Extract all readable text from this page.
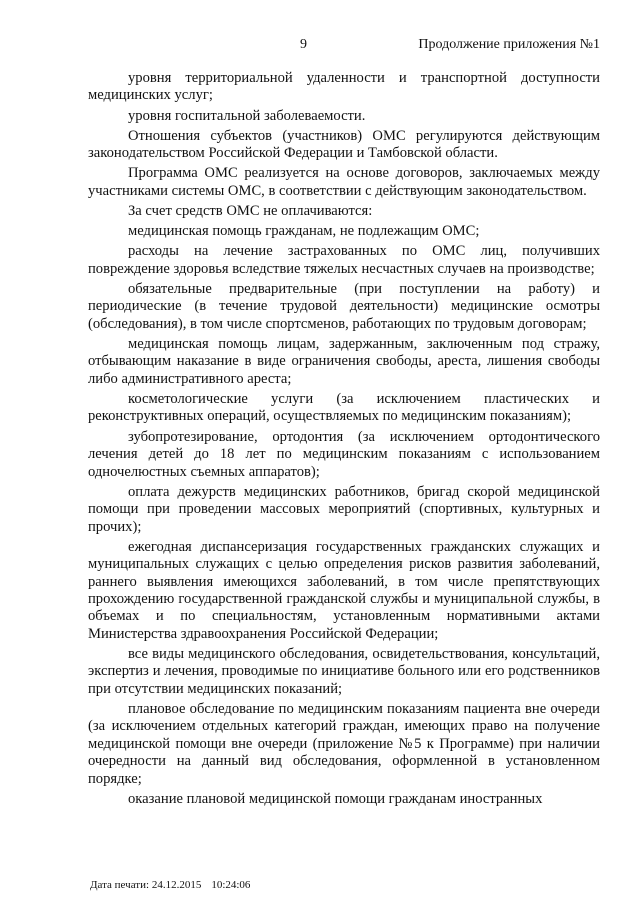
9	Продолжение приложения №1

уровня территориальной удаленности и транспортной доступности медицинских услуг;

уровня госпитальной заболеваемости.

Отношения субъектов (участников) ОМС регулируются действующим законодательством Российской Федерации и Тамбовской области.

Программа ОМС реализуется на основе договоров, заключаемых между участниками системы ОМС, в соответствии с действующим законодательством.

За счет средств ОМС не оплачиваются:

медицинская помощь гражданам, не подлежащим ОМС;

расходы на лечение застрахованных по ОМС лиц, получивших повреждение здоровья вследствие тяжелых несчастных случаев на производстве;

обязательные предварительные (при поступлении на работу) и периодические (в течение трудовой деятельности) медицинские осмотры (обследования), в том числе спортсменов, работающих по трудовым договорам;

медицинская помощь лицам, задержанным, заключенным под стражу, отбывающим наказание в виде ограничения свободы, ареста, лишения свободы либо административного ареста;

косметологические услуги (за исключением пластических и реконструктивных операций, осуществляемых по медицинским показаниям);

зубопротезирование, ортодонтия (за исключением ортодонтического лечения детей до 18 лет по медицинским показаниям с использованием одночелюстных съемных аппаратов);

оплата дежурств медицинских работников, бригад скорой медицинской помощи при проведении массовых мероприятий (спортивных, культурных и прочих);

ежегодная диспансеризация государственных гражданских служащих и муниципальных служащих с целью определения рисков развития заболеваний, раннего выявления имеющихся заболеваний, в том числе препятствующих прохождению государственной гражданской службы и муниципальной службы, в объемах и по специальностям, установленным нормативными актами Министерства здравоохранения Российской Федерации;

все виды медицинского обследования, освидетельствования, консультаций, экспертиз и лечения, проводимые по инициативе больного или его родственников при отсутствии медицинских показаний;

плановое обследование по медицинским показаниям пациента вне очереди (за исключением отдельных категорий граждан, имеющих право на получение медицинской помощи вне очереди (приложение №5 к Программе) при наличии очередности на данный вид обследования, оформленной в установленном порядке;

оказание плановой медицинской помощи гражданам иностранных

Дата печати: 24.12.2015 10:24:06
